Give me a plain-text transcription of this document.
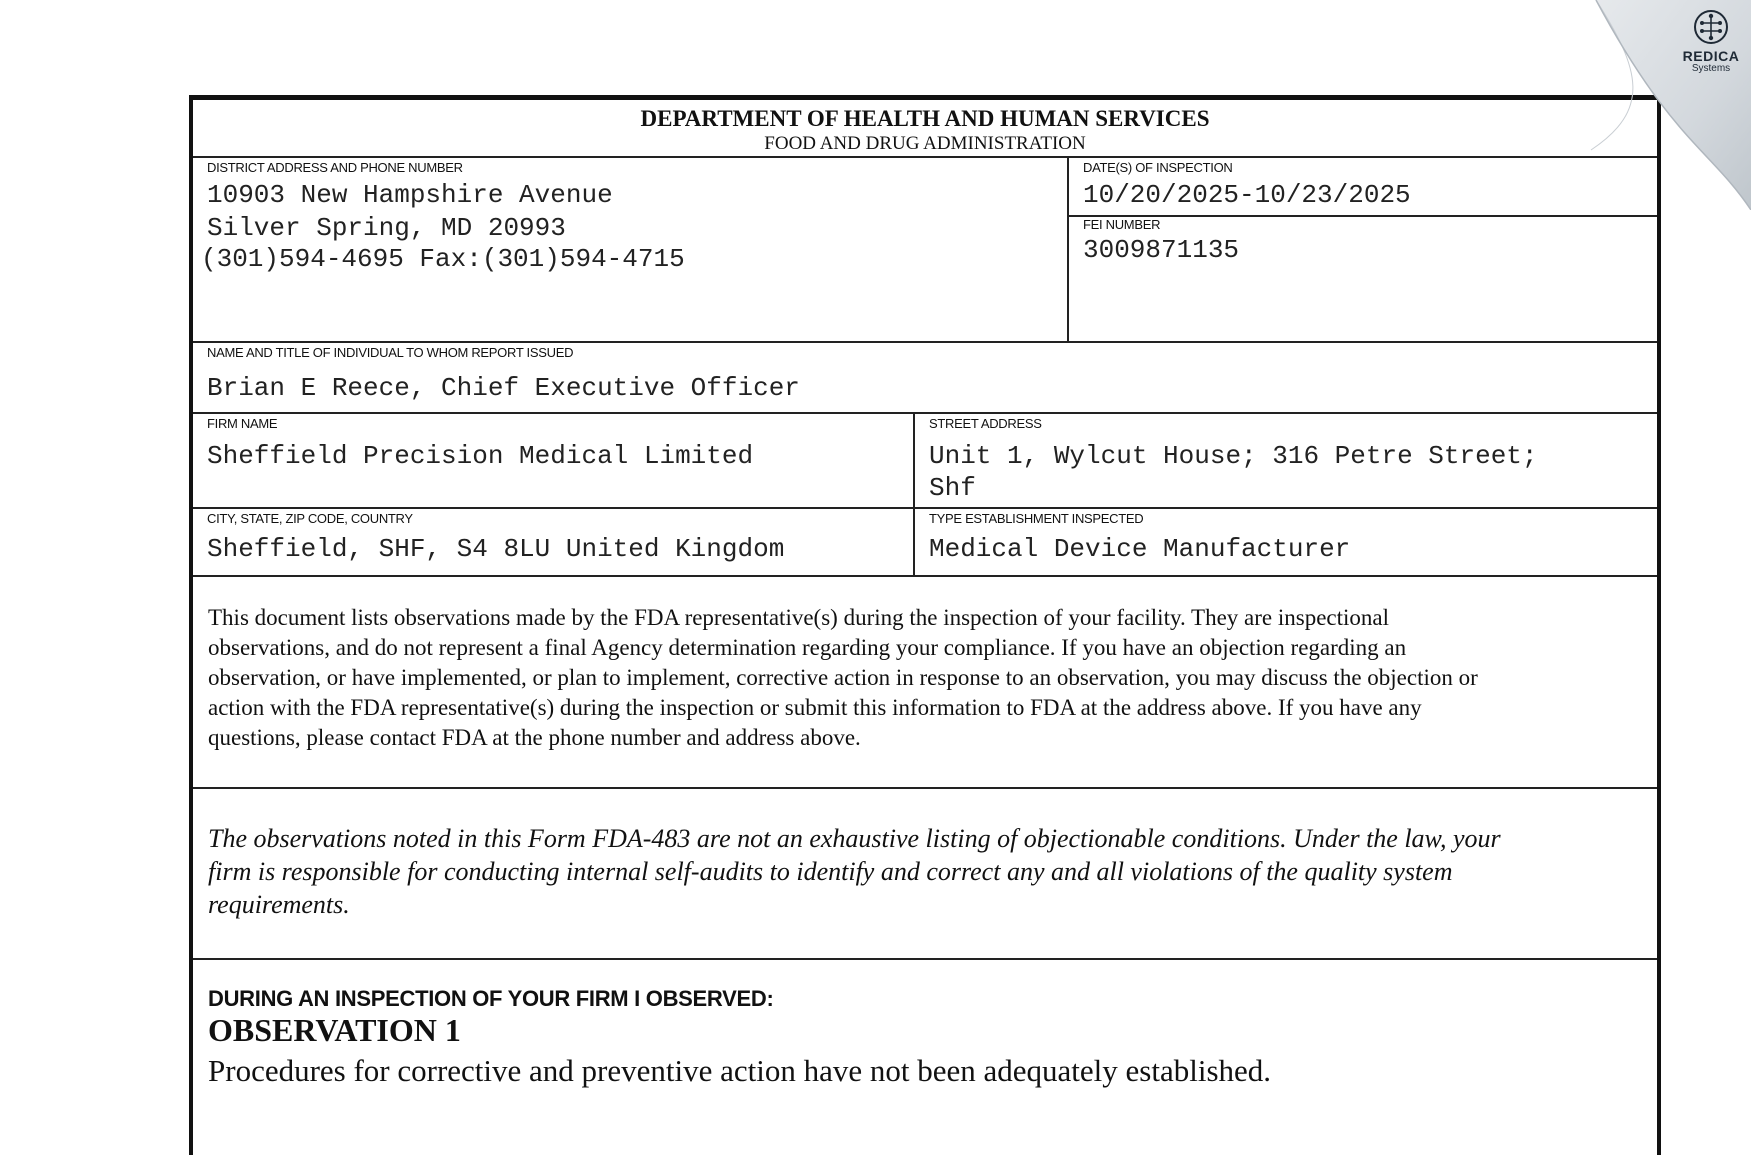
DEPARTMENT OF HEALTH AND HUMAN SERVICES
FOOD AND DRUG ADMINISTRATION
DISTRICT ADDRESS AND PHONE NUMBER
10903 New Hampshire Avenue
Silver Spring, MD 20993
(301)594-4695 Fax:(301)594-4715
DATE(S) OF INSPECTION
10/20/2025-10/23/2025
FEI NUMBER
3009871135
NAME AND TITLE OF INDIVIDUAL TO WHOM REPORT ISSUED
Brian E Reece, Chief Executive Officer
FIRM NAME
Sheffield Precision Medical Limited
STREET ADDRESS
Unit 1, Wylcut House; 316 Petre Street;
Shf
CITY, STATE, ZIP CODE, COUNTRY
Sheffield, SHF, S4 8LU United Kingdom
TYPE ESTABLISHMENT INSPECTED
Medical Device Manufacturer
This document lists observations made by the FDA representative(s) during the inspection of your facility. They are inspectional
observations, and do not represent a final Agency determination regarding your compliance. If you have an objection regarding an
observation, or have implemented, or plan to implement, corrective action in response to an observation, you may discuss the objection or
action with the FDA representative(s) during the inspection or submit this information to FDA at the address above. If you have any
questions, please contact FDA at the phone number and address above.
The observations noted in this Form FDA-483 are not an exhaustive listing of objectionable conditions. Under the law, your
firm is responsible for conducting internal self-audits to identify and correct any and all violations of the quality system
requirements.
DURING AN INSPECTION OF YOUR FIRM I OBSERVED:
OBSERVATION 1
Procedures for corrective and preventive action have not been adequately established.
REDICA
Systems
